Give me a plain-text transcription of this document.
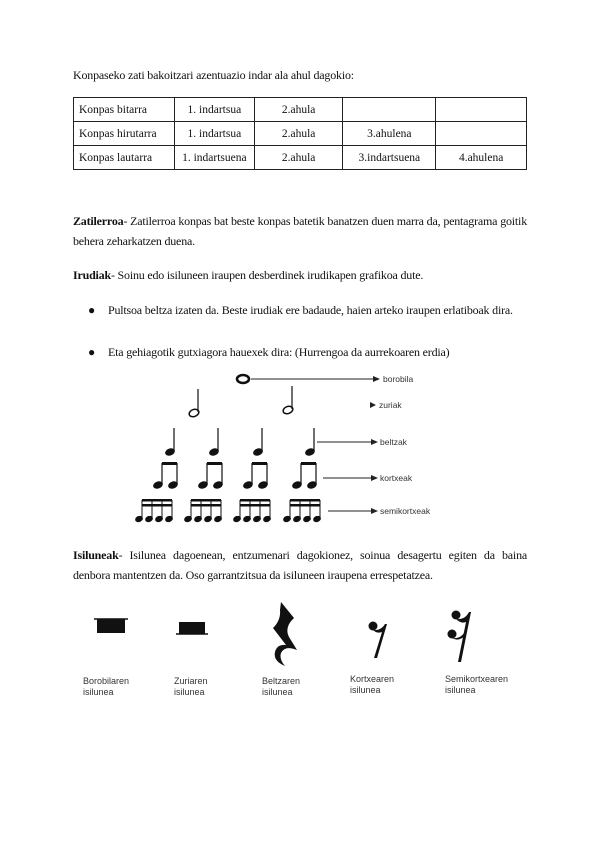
Konpaseko zati bakoitzari azentuazio indar ala ahul dagokio:
Konpas bitarra	1. indartsua	2.ahula		
Konpas hirutarra	1. indartsua	2.ahula	3.ahulena	
Konpas lautarra	1. indartsuena	2.ahula	3.indartsuena	4.ahulena
Zatilerroa- Zatilerroa konpas bat beste konpas batetik banatzen duen marra da, pentagrama goitik behera zeharkatzen duena.
Irudiak- Soinu edo isiluneen iraupen desberdinek irudikapen grafikoa dute.
● Pultsoa beltza izaten da. Beste irudiak ere badaude, haien arteko iraupen erlatiboak dira.
● Eta gehiagotik gutxiagora hauexek dira: (Hurrengoa da aurrekoaren erdia)
borobila
zuriak
beltzak
kortxeak
semikortxeak
Isiluneak- Isilunea dagoenean, entzumenari dagokionez, soinua desagertu egiten da baina denbora mantentzen da. Oso garrantzitsua da isiluneen iraupena errespetatzea.
Borobilaren
isilunea
Zuriaren
isilunea
Beltzaren
isilunea
Kortxearen
isilunea
Semikortxearen
isilunea
